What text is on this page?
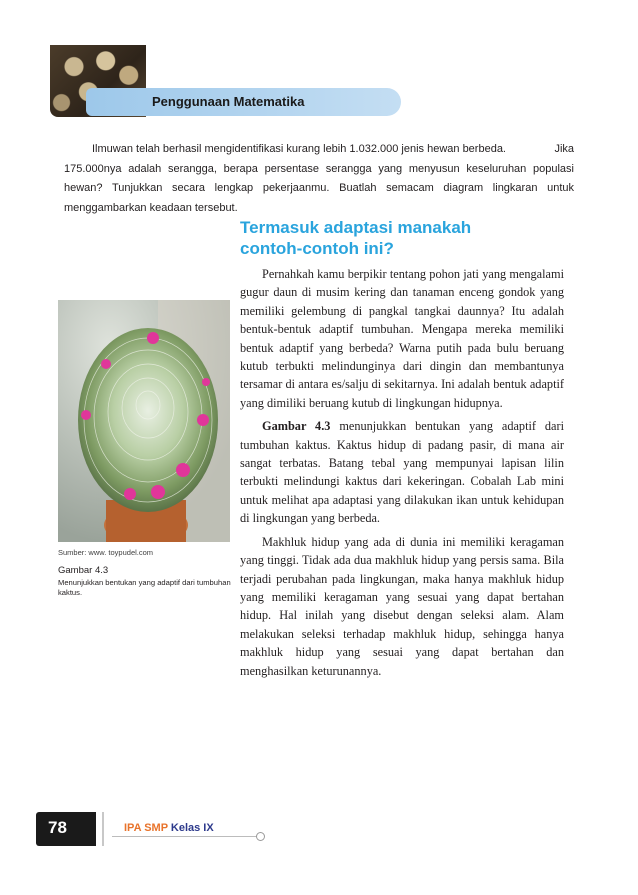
Penggunaan Matematika
Ilmuwan telah berhasil mengidentifikasi kurang lebih 1.032.000 jenis hewan berbeda.	Jika 175.000nya adalah serangga, berapa persentase serangga yang menyusun keseluruhan populasi hewan? Tunjukkan secara lengkap pekerjaanmu. Buatlah semacam diagram lingkaran untuk menggambarkan keadaan tersebut.
Termasuk adaptasi manakah
contoh-contoh ini?

Pernahkah kamu berpikir tentang pohon jati yang mengalami gugur daun di musim kering dan tanaman enceng gondok yang memiliki gelembung di pangkal tangkai daunnya? Itu adalah bentuk-bentuk adaptif tumbuhan. Mengapa mereka memiliki bentuk adaptif yang berbeda? Warna putih pada bulu beruang kutub terbukti melindunginya dari dingin dan membantunya tersamar di antara es/salju di sekitarnya. Ini adalah bentuk adaptif yang dimiliki beruang kutub di lingkungan hidupnya.

Gambar 4.3 menunjukkan bentukan yang adaptif dari tumbuhan kaktus. Kaktus hidup di padang pasir, di mana air sangat terbatas. Batang tebal yang mempunyai lapisan lilin terbukti melindungi kaktus dari kekeringan. Cobalah Lab mini untuk melihat apa adaptasi yang dilakukan ikan untuk kehidupan di lingkungan yang berbeda.

Makhluk hidup yang ada di dunia ini memiliki keragaman yang tinggi. Tidak ada dua makhluk hidup yang persis sama. Bila terjadi perubahan pada lingkungan, maka hanya makhluk hidup yang memiliki keragaman yang sesuai yang dapat bertahan hidup. Hal inilah yang disebut dengan seleksi alam. Alam melakukan seleksi terhadap makhluk hidup, sehingga hanya makhluk hidup yang sesuai yang dapat bertahan dan menghasilkan keturunannya.

Sumber: www. toypudel.com
Gambar 4.3
Menunjukkan bentukan yang adaptif dari tumbuhan kaktus.
78	IPA SMP Kelas IX
